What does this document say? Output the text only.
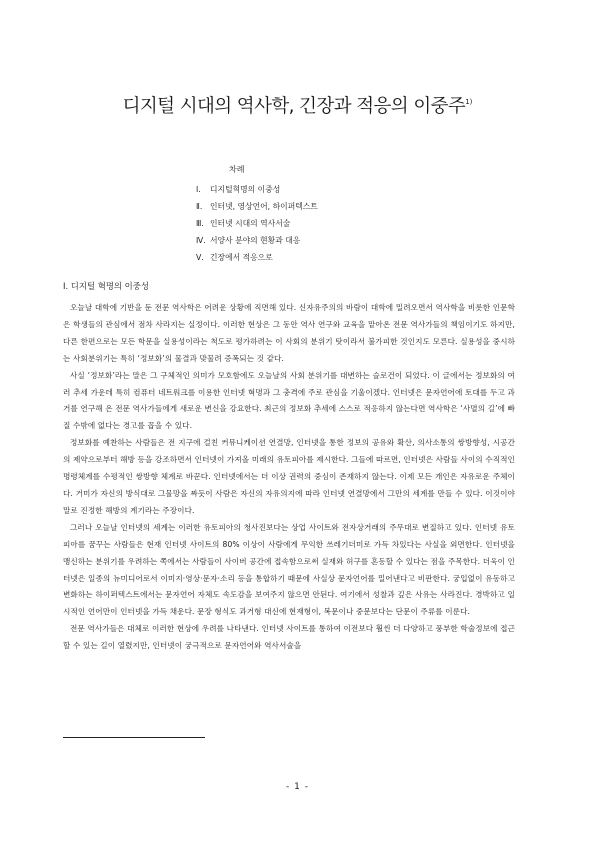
디지털 시대의 역사학, 긴장과 적응의 이중주$^{1)}$
차례
Ⅰ. 디지털혁명의 이중성
Ⅱ. 인터넷, 영상언어, 하이퍼텍스트
Ⅲ. 인터넷 시대의 역사서술
Ⅳ. 서양사 분야의 현황과 대응
Ⅴ. 긴장에서 적응으로
Ⅰ. 디지털 혁명의 이중성

오늘날 대학에 기반을 둔 전문 역사학은 어려운 상황에 직면해 있다. 신자유주의의 바람이 대학에 밀려오면서 역사학을 비롯한 인문학은 학생들의 관심에서 점차 사라지는 실정이다. 이러한 현상은 그 동안 역사 연구와 교육을 맡아온 전문 역사가들의 책임이기도 하지만, 다른 한편으로는 모든 학문을 실용성이라는 척도로 평가하려는 이 사회의 분위기 탓이라서 불가피한 것인지도 모른다. 실용성을 중시하는 사회분위기는 특히 ‘정보화’의 물결과 맞물려 증폭되는 것 같다.

사실 ‘정보화’라는 말은 그 구체적인 의미가 모호함에도 오늘날의 사회 분위기를 대변하는 슬로건이 되었다. 이 글에서는 정보화의 여러 추세 가운데 특히 컴퓨터 네트워크를 이용한 인터넷 혁명과 그 충격에 주로 관심을 기울이겠다. 인터넷은 문자언어에 토대를 두고 과거를 연구해 온 전문 역사가들에게 새로운 변신을 강요한다. 최근의 정보화 추세에 스스로 적응하지 않는다면 역사학은 ‘사멸의 길’에 빠질 수밖에 없다는 경고를 꼽을 수 있다.

정보화를 예찬하는 사람들은 전 지구에 걸친 커뮤니케이션 연결망, 인터넷을 통한 정보의 공유와 확산, 의사소통의 쌍방향성, 시공간의 제약으로부터 해방 등을 강조하면서 인터넷이 가져올 미래의 유토피아를 제시한다. 그들에 따르면, 인터넷은 사람들 사이의 수직적인 명령체계를 수평적인 쌍방향 체계로 바꾼다. 인터넷에서는 더 이상 권력의 중심이 존재하지 않는다. 이제 모든 개인은 자유로운 주체이다. 거미가 자신의 방식대로 그물망을 짜듯이 사람은 자신의 자유의지에 따라 인터넷 연결망에서 그만의 세계를 만들 수 있다. 이것이야말로 진정한 해방의 계기라는 주장이다.

그러나 오늘날 인터넷의 세계는 이러한 유토피아의 청사진보다는 상업 사이트와 전자상거래의 주무대로 변질하고 있다. 인터넷 유토피아를 꿈꾸는 사람들은 현재 인터넷 사이트의 80% 이상이 사람에게 무익한 쓰레기더미로 가득 차있다는 사실을 외면한다. 인터넷을 맹신하는 분위기를 우려하는 쪽에서는 사람들이 사이버 공간에 접속함으로써 실재와 허구를 혼동할 수 있다는 점을 주목한다. 더욱이 인터넷은 일종의 뉴미디어로서 이미지·영상·문자·소리 등을 통합하기 때문에 사실상 문자언어를 밀어낸다고 비판한다. 궁입없이 유동하고 변화하는 하이퍼텍스트에서는 문자언어 자체도 속도감을 보여주지 않으면 안된다. 여기에서 성찰과 깊은 사유는 사라진다. 경박하고 일시적인 언어만이 인터넷을 가득 채운다. 문장 형식도 과거형 대신에 현재형이, 복문이나 중문보다는 단문이 주류를 이룬다.

전문 역사가들은 대체로 이러한 현상에 우려를 나타낸다. 인터넷 사이트를 통하여 이전보다 훨씬 더 다양하고 풍부한 학술정보에 접근할 수 있는 길이 열렸지만, 인터넷이 궁극적으로 문자언어와 역사서술을

- 1 -
